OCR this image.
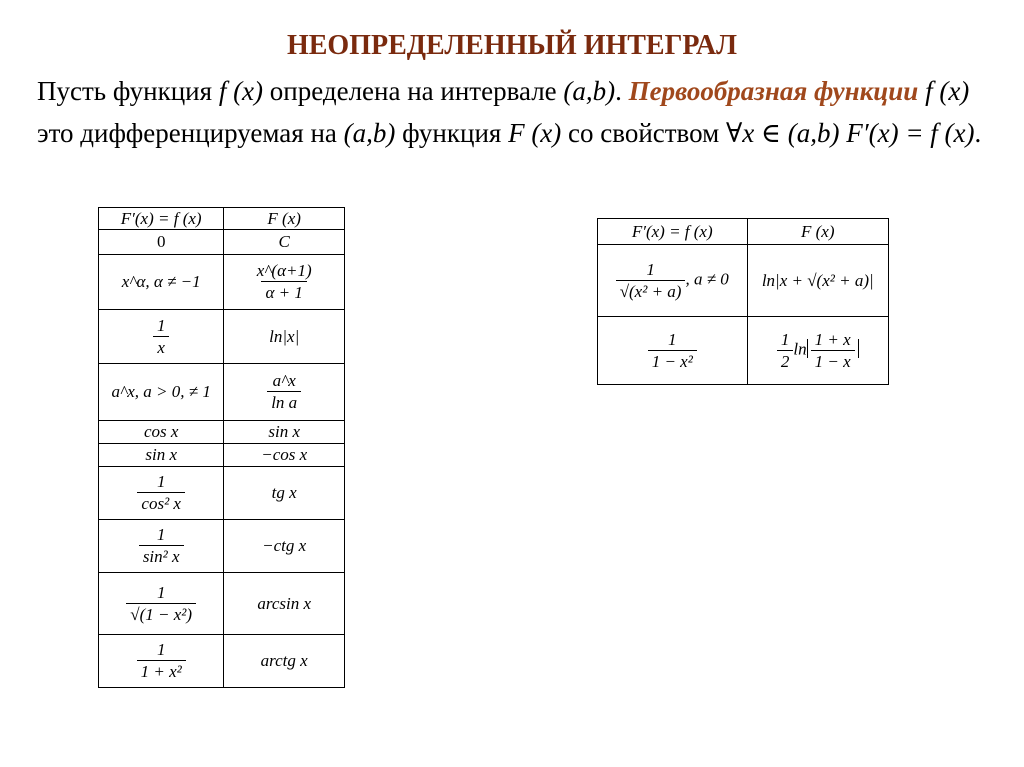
НЕОПРЕДЕЛЕННЫЙ ИНТЕГРАЛ
Пусть функция f (x) определена на интервале (a,b). Первообразная функции f (x) это дифференцируемая на (a,b) функция F (x) со свойством ∀x ∈ (a,b) F′(x) = f (x).
F′(x) = f (x)	F (x)
0	C
x^α, α ≠ −1	$\frac{x\^{}(\alpha+1)}{\alpha + 1}$

$\frac{1}{x}$	ln|x|
a^x, a > 0, ≠ 1	$\frac{a\^{}x}{\text{ln a}}$

cos x	sin x
sin x	−cos x

$\frac{1}{\text{cos² x}}$	tg x

$\frac{1}{\text{sin² x}}$	−ctg x

$\frac{1}{\text{√(1 − x²)}}$	arcsin x

$\frac{1}{\text{1 + x²}}$	arctg x
F′(x) = f (x)	F (x)

$\frac{1}{\text{√(x² + a)}}$ , a ≠ 0	ln|x + √(x² + a)|

$\frac{1}{\text{1 − x²}}$	$\frac{1}{2}$ $\ln \frac{1 + x}{1 - x}$
